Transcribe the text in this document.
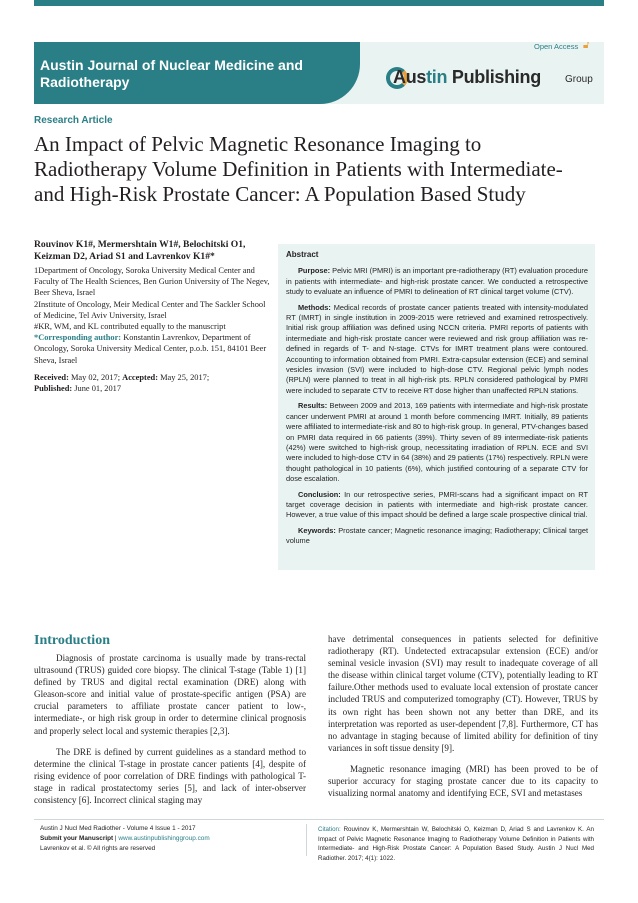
Austin Journal of Nuclear Medicine and Radiotherapy
Open Access 🔓︎
Austin Publishing Group
Research Article
An Impact of Pelvic Magnetic Resonance Imaging to Radiotherapy Volume Definition in Patients with Intermediate- and High-Risk Prostate Cancer: A Population Based Study

Rouvinov K1#, Mermershtain W1#, Belochitski O1, Keizman D2, Ariad S1 and Lavrenkov K1#*

1Department of Oncology, Soroka University Medical Center and Faculty of The Health Sciences, Ben Gurion University of The Negev, Beer Sheva, Israel

2Institute of Oncology, Meir Medical Center and The Sackler School of Medicine, Tel Aviv University, Israel

#KR, WM, and KL contributed equally to the manuscript

*Corresponding author: Konstantin Lavrenkov, Department of Oncology, Soroka University Medical Center, p.o.b. 151, 84101 Beer Sheva, Israel

Received: May 02, 2017; Accepted: May 25, 2017;

Published: June 01, 2017

Abstract

Purpose: Pelvic MRI (PMRI) is an important pre-radiotherapy (RT) evaluation procedure in patients with intermediate- and high-risk prostate cancer. We conducted a retrospective study to evaluate an influence of PMRI to delineation of RT clinical target volume (CTV).

Methods: Medical records of prostate cancer patients treated with intensity-modulated RT (IMRT) in single institution in 2009-2015 were retrieved and examined retrospectively. Initial risk group affiliation was defined using NCCN criteria. PMRI reports of patients with intermediate and high-risk prostate cancer were reviewed and risk group affiliation was re-defined in regards of T- and N-stage. CTVs for IMRT treatment plans were contoured. Accounting to information obtained from PMRI. Extra-capsular extension (ECE) and seminal vesicles invasion (SVI) were included to high-dose CTV. Regional pelvic lymph nodes (RPLN) were planned to treat in all high-risk pts. RPLN considered pathological by PMRI were included to separate CTV to receive RT dose higher than unaffected RPLN stations.

Results: Between 2009 and 2013, 169 patients with intermediate and high-risk prostate cancer underwent PMRI at around 1 month before commencing IMRT. Initially, 89 patients were affiliated to intermediate-risk and 80 to high-risk group. In general, PTV-changes based on PMRI data required in 66 patients (39%). Thirty seven of 89 intermediate-risk patients (42%) were switched to high-risk group, necessitating irradiation of RPLN. ECE and SVI were included to high-dose CTV in 64 (38%) and 29 patients (17%) respectively. RPLN were thought pathological in 10 patients (6%), which justified contouring of a separate CTV for dose escalation.

Conclusion: In our retrospective series, PMRI-scans had a significant impact on RT target coverage decision in patients with intermediate and high-risk prostate cancer. However, a true value of this impact should be defined a large scale prospective clinical trial.

Keywords: Prostate cancer; Magnetic resonance imaging; Radiotherapy; Clinical target volume

Introduction

Diagnosis of prostate carcinoma is usually made by trans-rectal ultrasound (TRUS) guided core biopsy. The clinical T-stage (Table 1) [1] defined by TRUS and digital rectal examination (DRE) along with Gleason-score and initial value of prostate-specific antigen (PSA) are crucial parameters to affiliate prostate cancer patient to low-, intermediate-, or high risk group in order to determine clinical prognosis and properly select local and systemic therapies [2,3].

The DRE is defined by current guidelines as a standard method to determine the clinical T-stage in prostate cancer patients [4], despite of rising evidence of poor correlation of DRE findings with pathological T-stage in radical prostatectomy series [5], and lack of inter-observer consistency [6]. Incorrect clinical staging may

have detrimental consequences in patients selected for definitive radiotherapy (RT). Undetected extracapsular extension (ECE) and/or seminal vesicle invasion (SVI) may result to inadequate coverage of all the disease within clinical target volume (CTV), potentially leading to RT failure.Other methods used to evaluate local extension of prostate cancer included TRUS and computerized tomography (CT). However, TRUS by its own right has been shown not any better than DRE, and its interpretation was reported as user-dependent [7,8]. Furthermore, CT has no advantage in staging because of limited ability for definition of tiny variances in soft tissue density [9].

Magnetic resonance imaging (MRI) has been proved to be of superior accuracy for staging prostate cancer due to its capacity to visualizing normal anatomy and identifying ECE, SVI and metastases

Austin J Nucl Med Radiother - Volume 4 Issue 1 - 2017
Submit your Manuscript | www.austinpublishinggroup.com
Lavrenkov et al. © All rights are reserved
Citation: Rouvinov K, Mermershtain W, Belochitski O, Keizman D, Ariad S and Lavrenkov K. An Impact of Pelvic Magnetic Resonance Imaging to Radiotherapy Volume Definition in Patients with Intermediate- and High-Risk Prostate Cancer: A Population Based Study. Austin J Nucl Med Radiother. 2017; 4(1): 1022.
